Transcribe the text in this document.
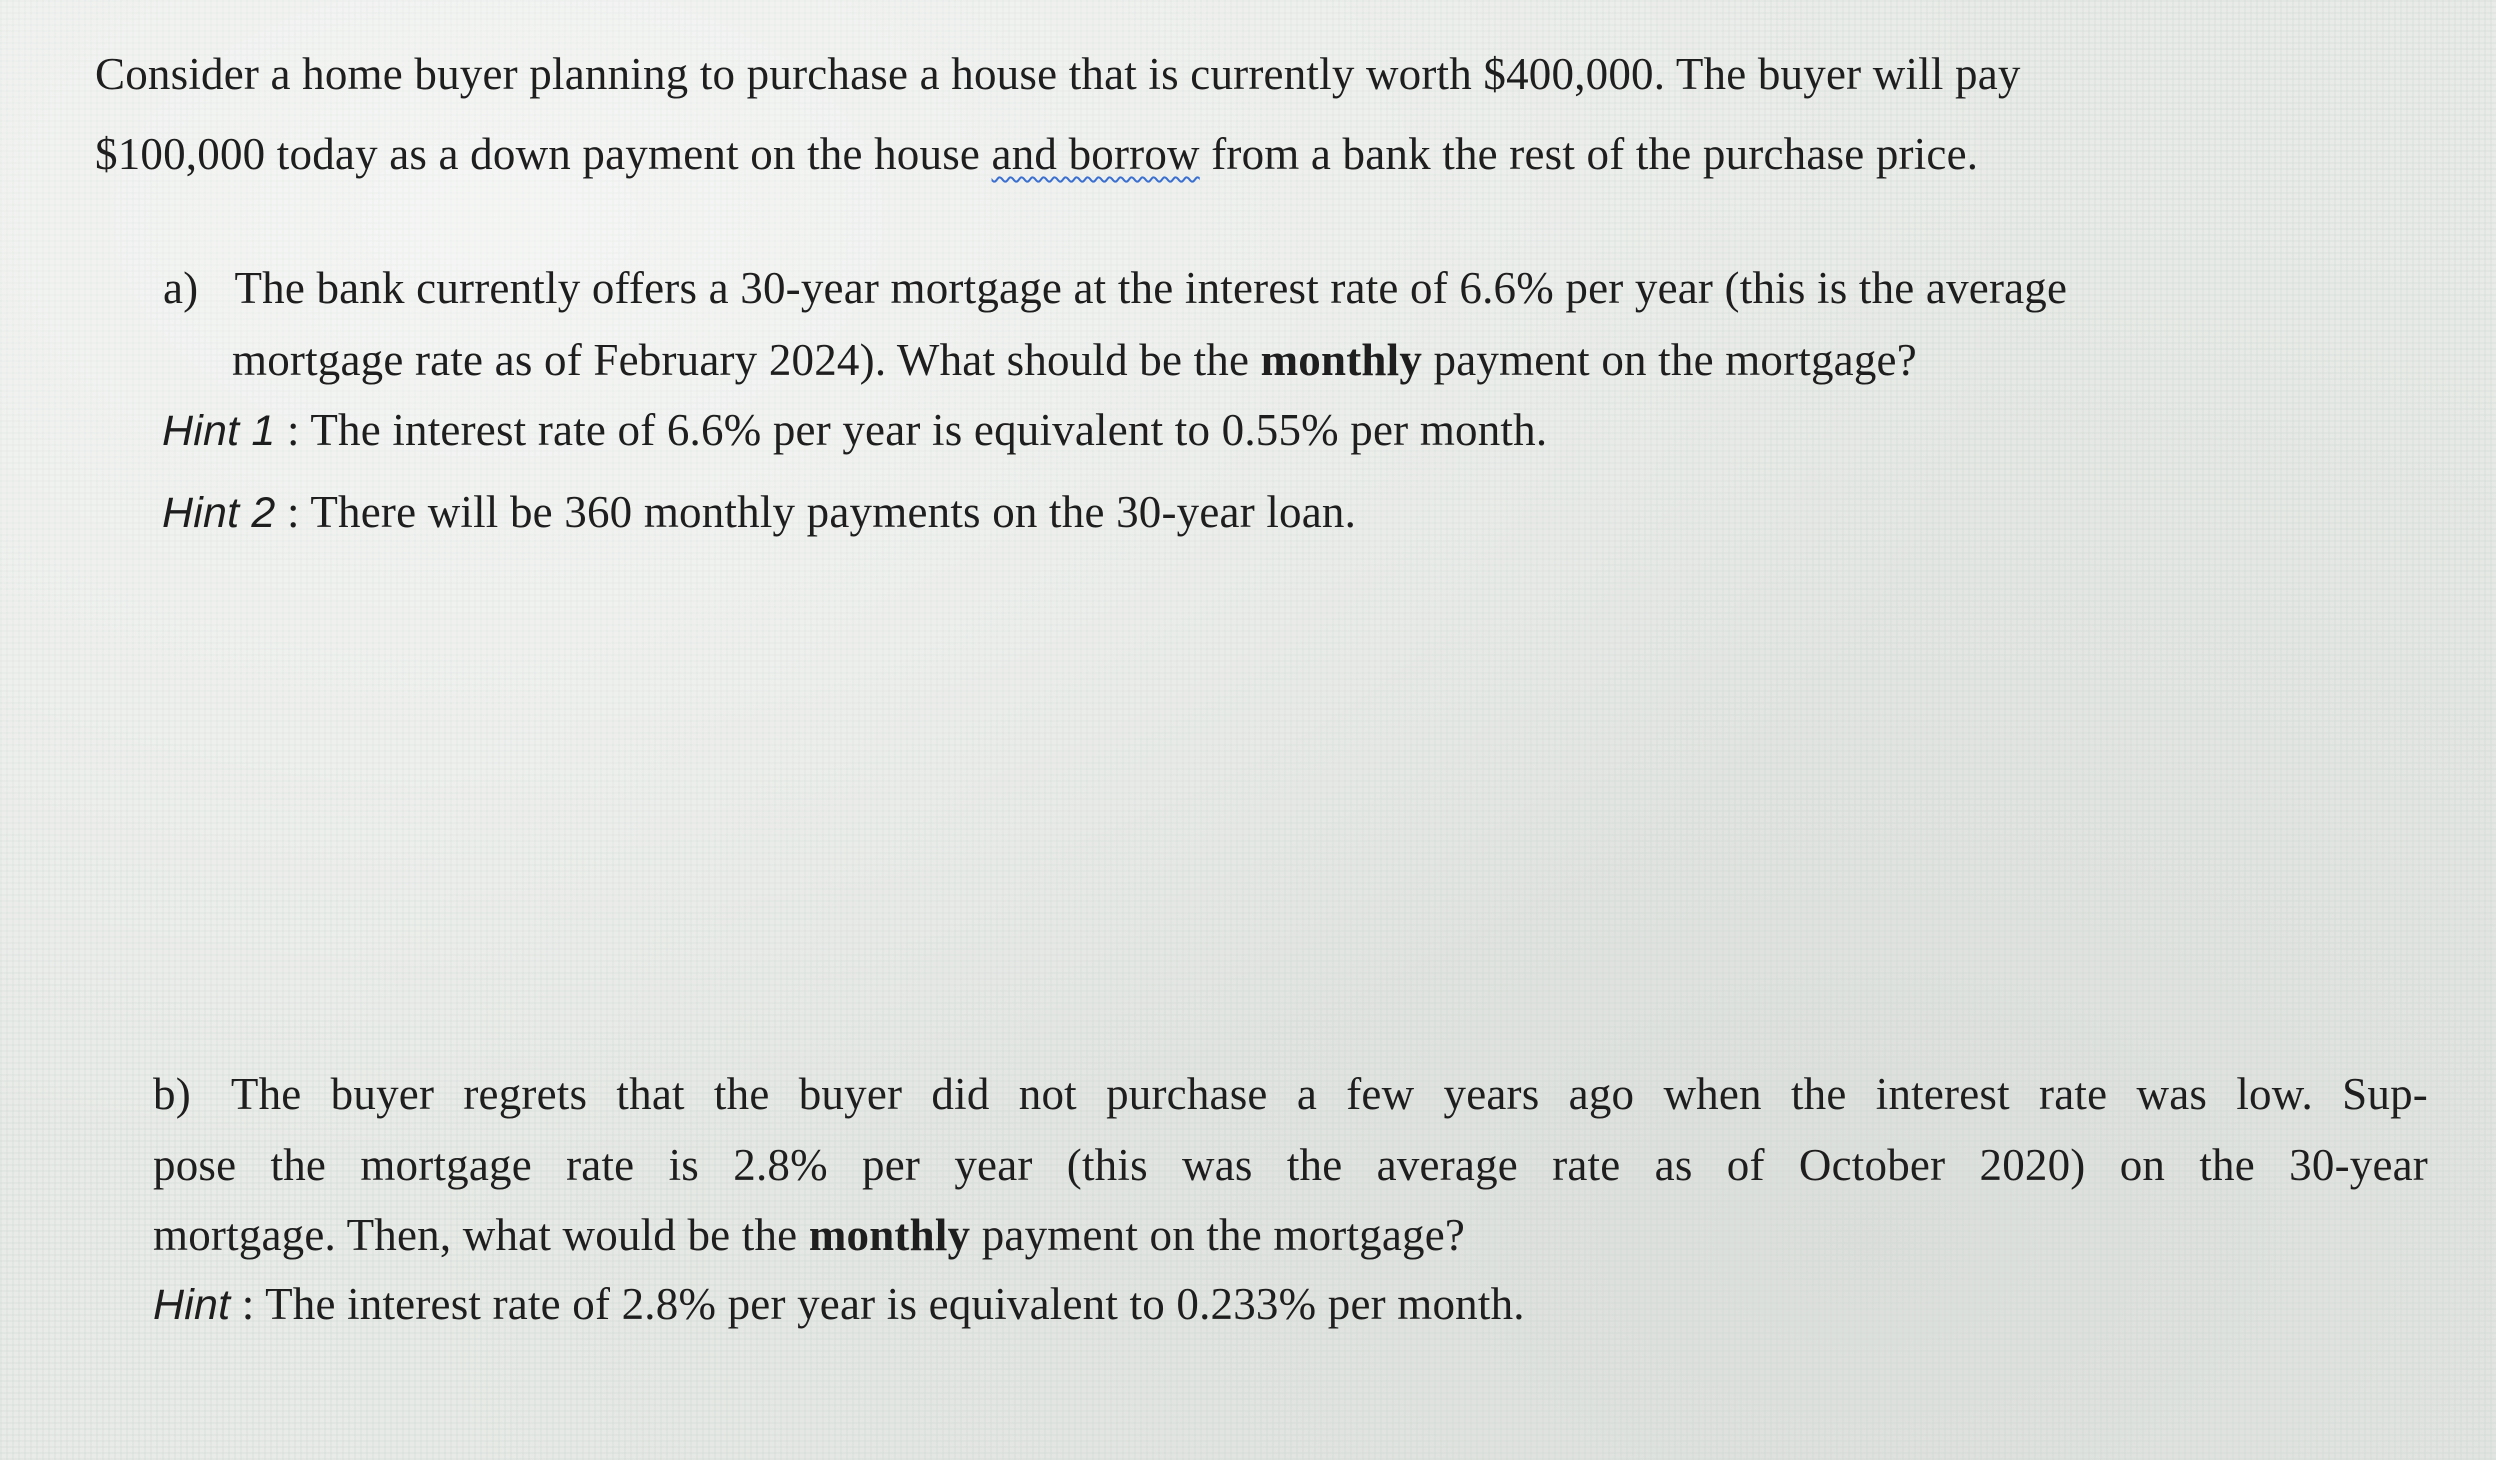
Consider a home buyer planning to purchase a house that is currently worth $400,000. The buyer will pay
$100,000 today as a down payment on the house and borrow from a bank the rest of the purchase price.
a) The bank currently offers a 30-year mortgage at the interest rate of 6.6% per year (this is the average
mortgage rate as of February 2024). What should be the monthly payment on the mortgage?
Hint 1 : The interest rate of 6.6% per year is equivalent to 0.55% per month.
Hint 2 : There will be 360 monthly payments on the 30-year loan.
b) The buyer regrets that the buyer did not purchase a few years ago when the interest rate was low. Sup-
pose the mortgage rate is 2.8% per year (this was the average rate as of October 2020) on the 30-year
mortgage. Then, what would be the monthly payment on the mortgage?
Hint : The interest rate of 2.8% per year is equivalent to 0.233% per month.
